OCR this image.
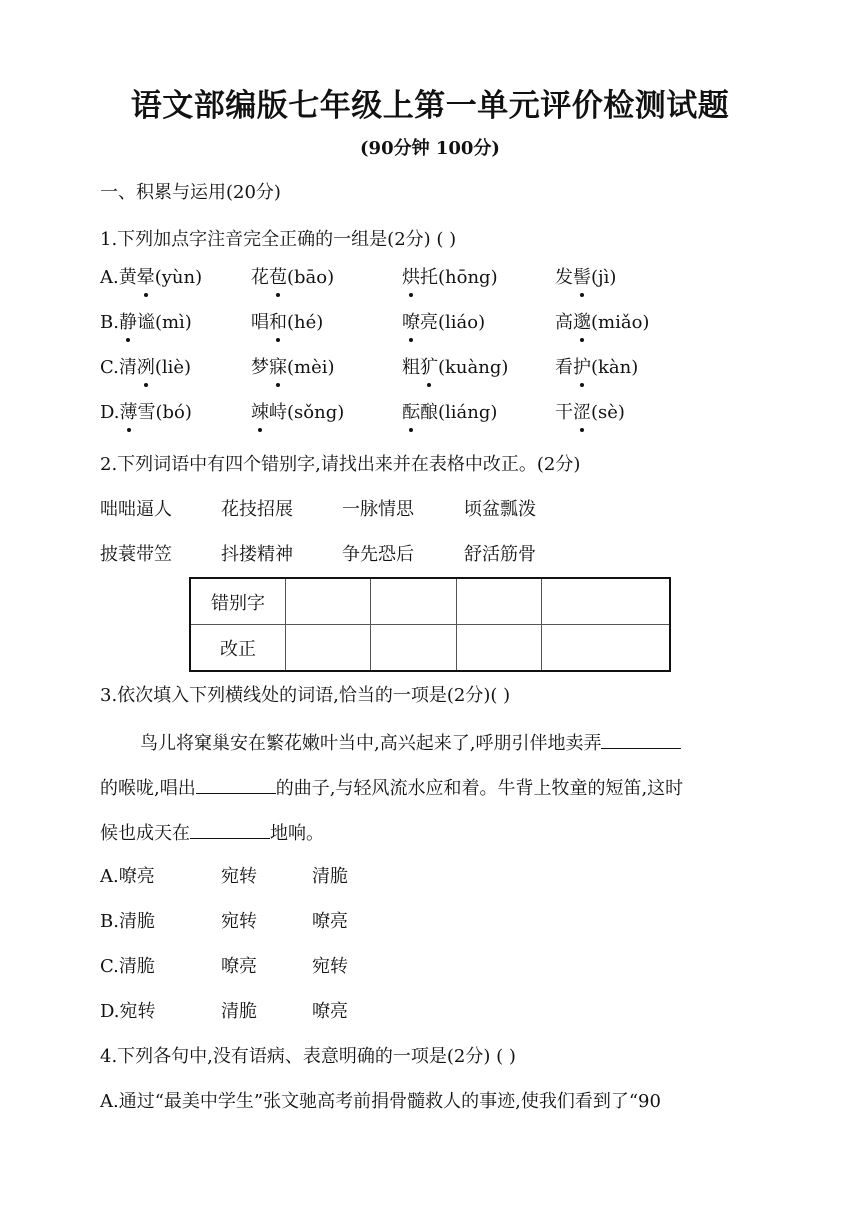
语文部编版七年级上第一单元评价检测试题
(90分钟 100分)
一、积累与运用(20分)
1.下列加点字注音完全正确的一组是(2分) ( )
A.黄晕(yùn)	花苞(bāo)	烘托(hōng)	发髻(jì)
B.静谧(mì)	唱和(hé)	嘹亮(liáo)	高邈(miǎo)
C.清冽(liè)	梦寐(mèi)	粗犷(kuàng)	看护(kàn)
D.薄雪(bó)	竦峙(sǒng)	酝酿(liáng)	干涩(sè)
2.下列词语中有四个错别字,请找出来并在表格中改正。(2分)
咄咄逼人	花技招展	一脉情思	顷盆瓢泼
披蓑带笠	抖搂精神	争先恐后	舒活筋骨
错别字				
改正				
3.依次填入下列横线处的词语,恰当的一项是(2分)( )
鸟儿将窠巢安在繁花嫩叶当中,高兴起来了,呼朋引伴地卖弄
的喉咙,唱出	的曲子,与轻风流水应和着。牛背上牧童的短笛,这时
候也成天在	地响。
A.嘹亮	宛转	清脆
B.清脆	宛转	嘹亮
C.清脆	嘹亮	宛转
D.宛转	清脆	嘹亮
4.下列各句中,没有语病、表意明确的一项是(2分) ( )
A.通过“最美中学生”张文驰高考前捐骨髓救人的事迹,使我们看到了“90
